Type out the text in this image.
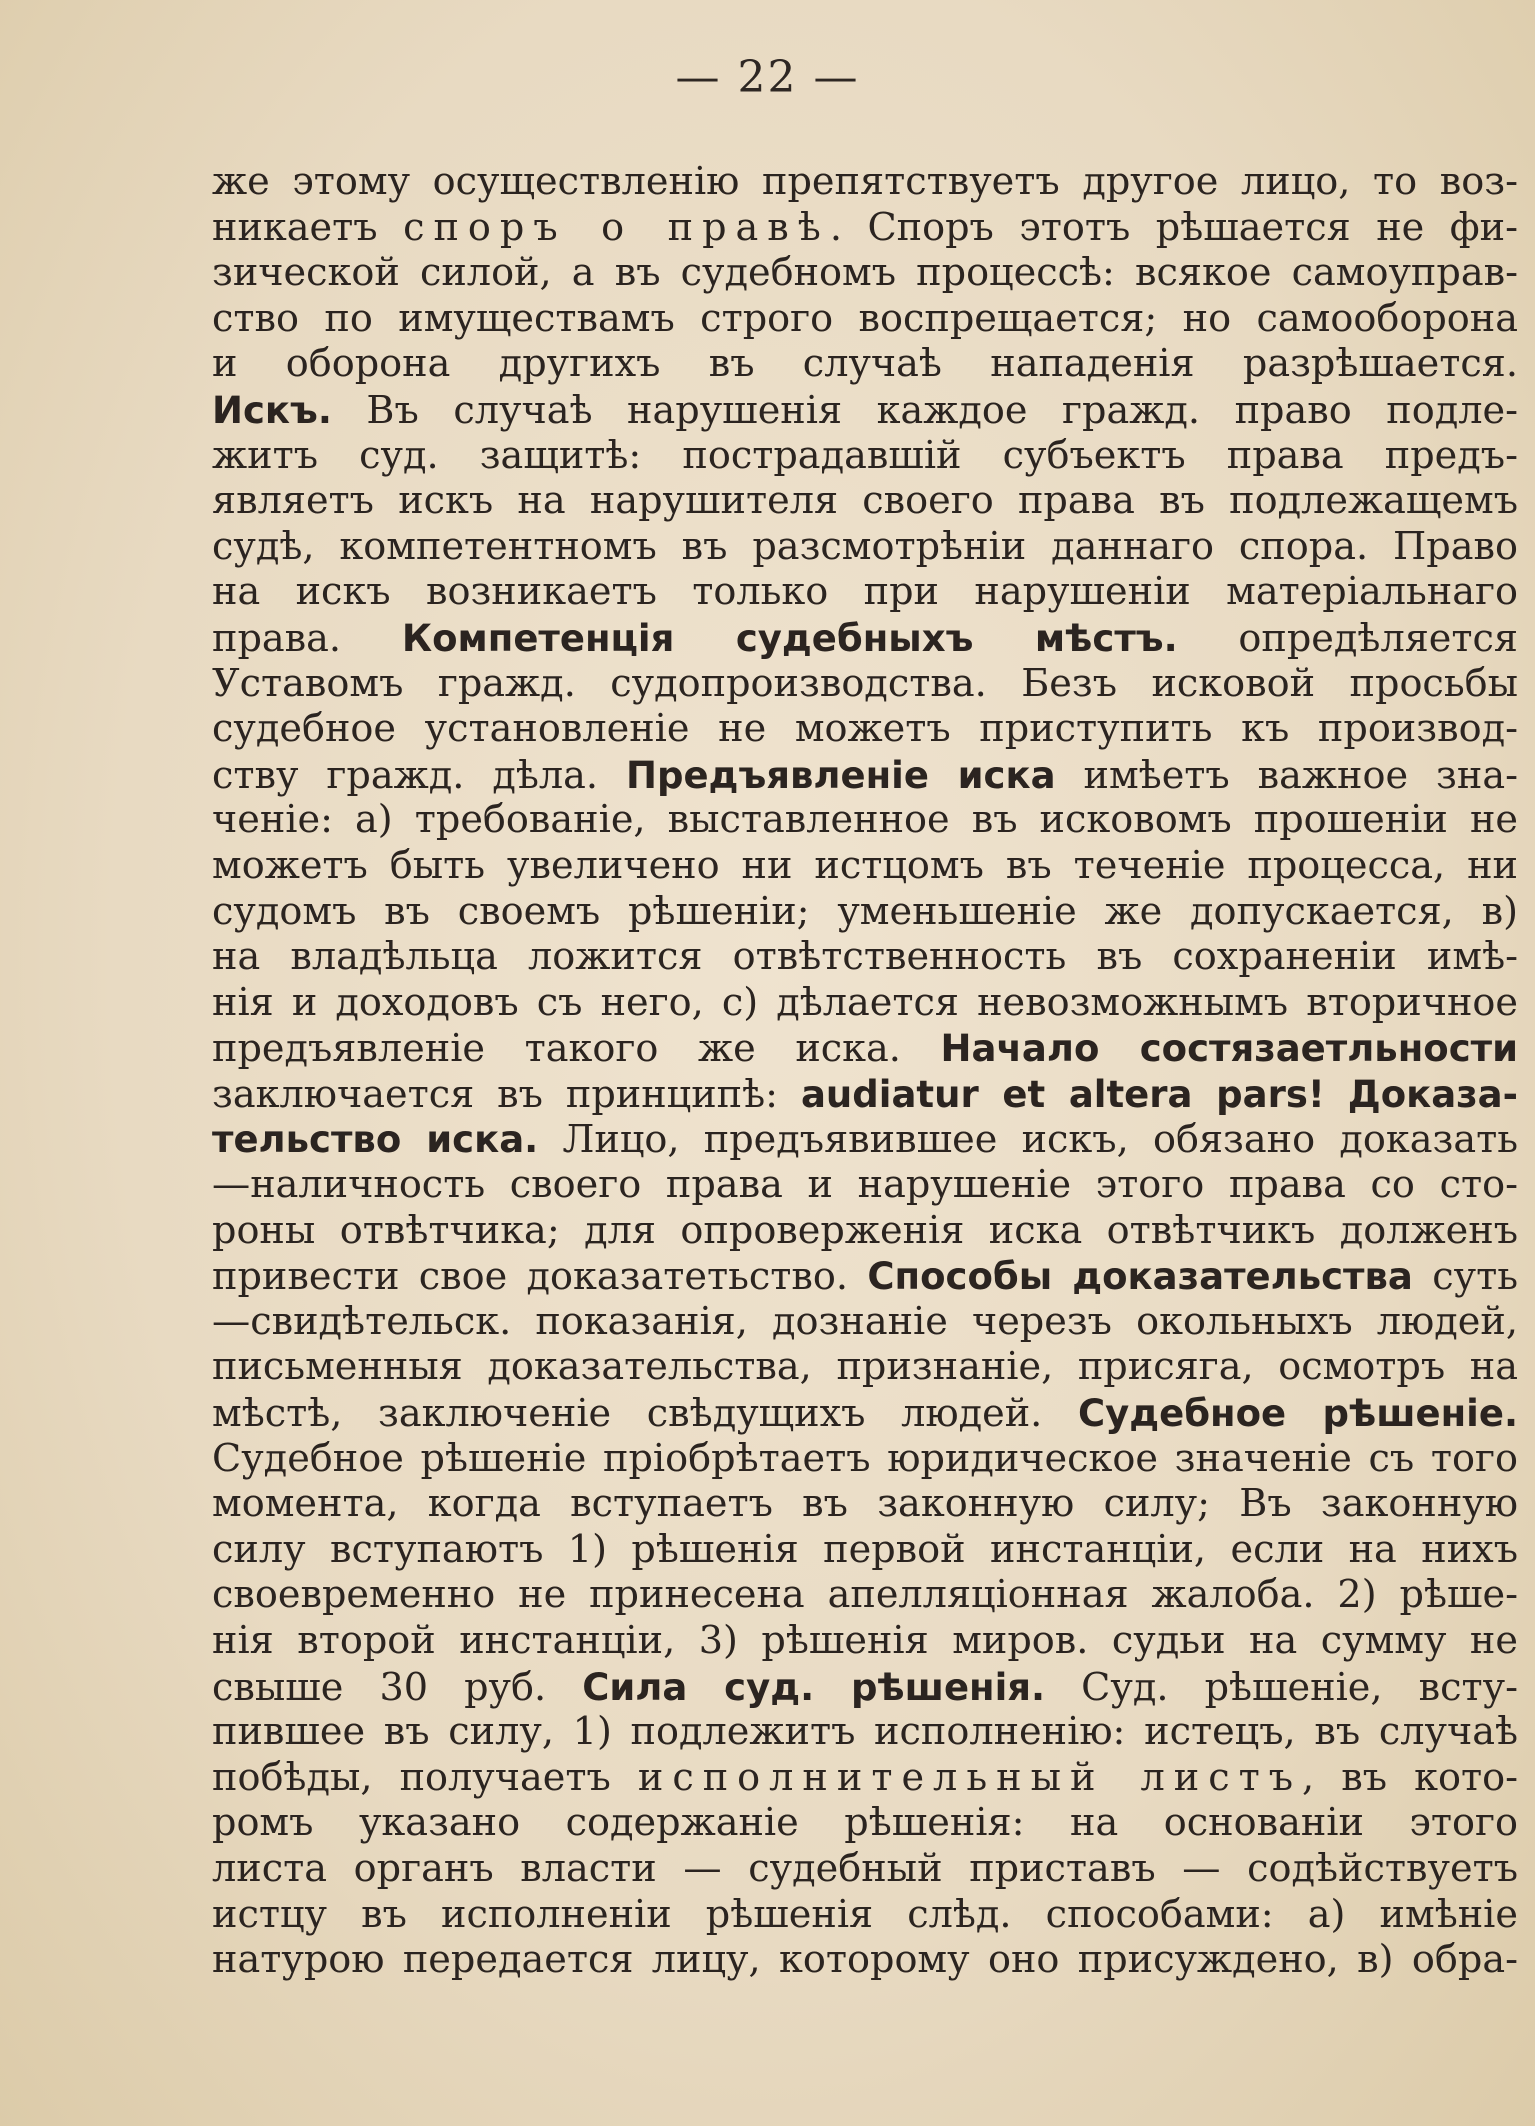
— 22 —
же этому осуществленію препятствуетъ другое лицо, то воз-
никаетъ споръ о правѣ. Споръ этотъ рѣшается не фи-
зической силой, а въ судебномъ процессѣ: всякое самоуправ-
ство по имуществамъ строго воспрещается; но самооборона
и оборона другихъ въ случаѣ нападенія разрѣшается.
Искъ. Въ случаѣ нарушенія каждое гражд. право подле-
житъ суд. защитѣ: пострадавшій субъектъ права предъ-
являетъ искъ на нарушителя своего права въ подлежащемъ
судѣ, компетентномъ въ разсмотрѣніи даннаго спора. Право
на искъ возникаетъ только при нарушеніи матеріальнаго
права. Компетенція судебныхъ мѣстъ. опредѣляется
Уставомъ гражд. судопроизводства. Безъ исковой просьбы
судебное установленіе не можетъ приступить къ производ-
ству гражд. дѣла. Предъявленіе иска имѣетъ важное зна-
ченіе: а) требованіе, выставленное въ исковомъ прошеніи не
можетъ быть увеличено ни истцомъ въ теченіе процесса, ни
судомъ въ своемъ рѣшеніи; уменьшеніе же допускается, в)
на владѣльца ложится отвѣтственность въ сохраненіи имѣ-
нія и доходовъ съ него, с) дѣлается невозможнымъ вторичное
предъявленіе такого же иска. Начало состязаетльности
заключается въ принципѣ: audiatur et altera pars! Доказа-
тельство иска. Лицо, предъявившее искъ, обязано доказать
—наличность своего права и нарушеніе этого права со сто-
роны отвѣтчика; для опроверженія иска отвѣтчикъ долженъ
привести свое доказатетьство. Способы доказательства суть
—свидѣтельск. показанія, дознаніе черезъ окольныхъ людей,
письменныя доказательства, признаніе, присяга, осмотръ на
мѣстѣ, заключеніе свѣдущихъ людей. Судебное рѣшеніе.
Судебное рѣшеніе пріобрѣтаетъ юридическое значеніе съ того
момента, когда вступаетъ въ законную силу; Въ законную
силу вступаютъ 1) рѣшенія первой инстанціи, если на нихъ
своевременно не принесена апелляціонная жалоба. 2) рѣше-
нія второй инстанціи, 3) рѣшенія миров. судьи на сумму не
свыше 30 руб. Сила суд. рѣшенія. Суд. рѣшеніе, всту-
пившее въ силу, 1) подлежитъ исполненію: истецъ, въ случаѣ
побѣды, получаетъ исполнительный листъ, въ кото-
ромъ указано содержаніе рѣшенія: на основаніи этого
листа органъ власти — судебный приставъ — содѣйствуетъ
истцу въ исполненіи рѣшенія слѣд. способами: а) имѣніе
натурою передается лицу, которому оно присуждено, в) обра-
